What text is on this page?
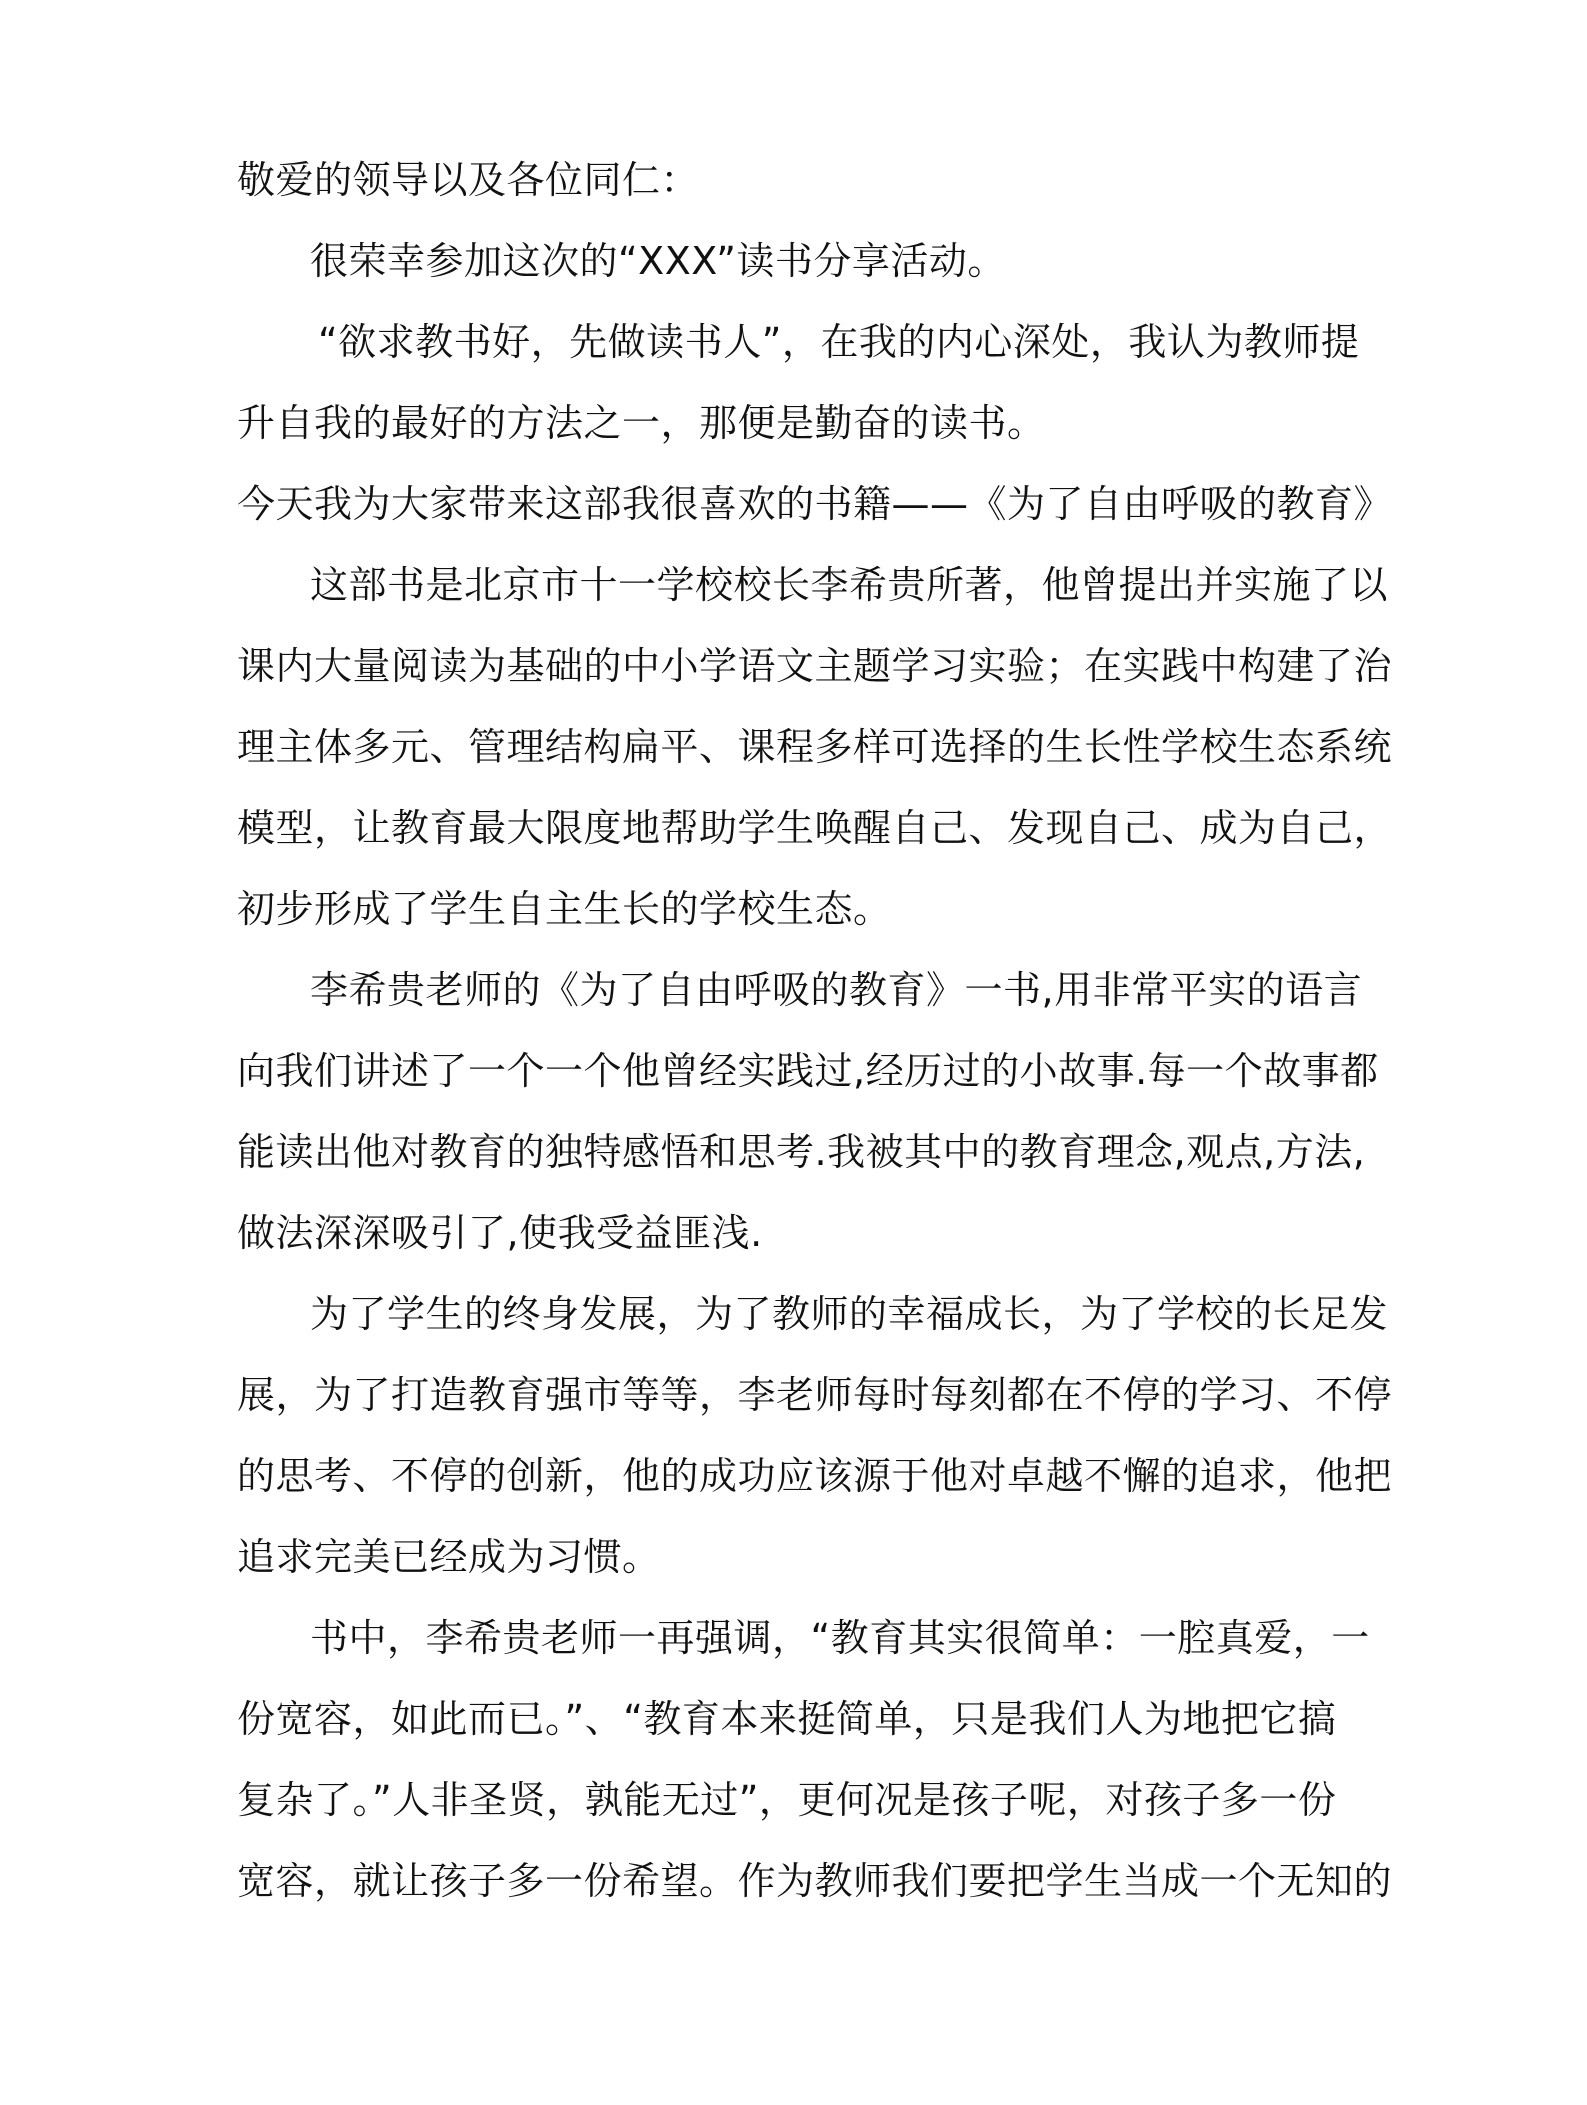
敬爱的领导以及各位同仁：
很荣幸参加这次的“XXX”读书分享活动。
“欲求教书好，先做读书人”，在我的内心深处，我认为教师提
升自我的最好的方法之一，那便是勤奋的读书。
今天我为大家带来这部我很喜欢的书籍——《为了自由呼吸的教育》
这部书是北京市十一学校校长李希贵所著，他曾提出并实施了以
课内大量阅读为基础的中小学语文主题学习实验；在实践中构建了治
理主体多元、管理结构扁平、课程多样可选择的生长性学校生态系统
模型，让教育最大限度地帮助学生唤醒自己、发现自己、成为自己，
初步形成了学生自主生长的学校生态。
李希贵老师的《为了自由呼吸的教育》一书,用非常平实的语言
向我们讲述了一个一个他曾经实践过,经历过的小故事.每一个故事都
能读出他对教育的独特感悟和思考.我被其中的教育理念,观点,方法,
做法深深吸引了,使我受益匪浅.
为了学生的终身发展，为了教师的幸福成长，为了学校的长足发
展，为了打造教育强市等等，李老师每时每刻都在不停的学习、不停
的思考、不停的创新，他的成功应该源于他对卓越不懈的追求，他把
追求完美已经成为习惯。
书中，李希贵老师一再强调，“教育其实很简单：一腔真爱，一
份宽容，如此而已。”、“教育本来挺简单，只是我们人为地把它搞
复杂了。”人非圣贤，孰能无过”，更何况是孩子呢，对孩子多一份
宽容，就让孩子多一份希望。作为教师我们要把学生当成一个无知的
